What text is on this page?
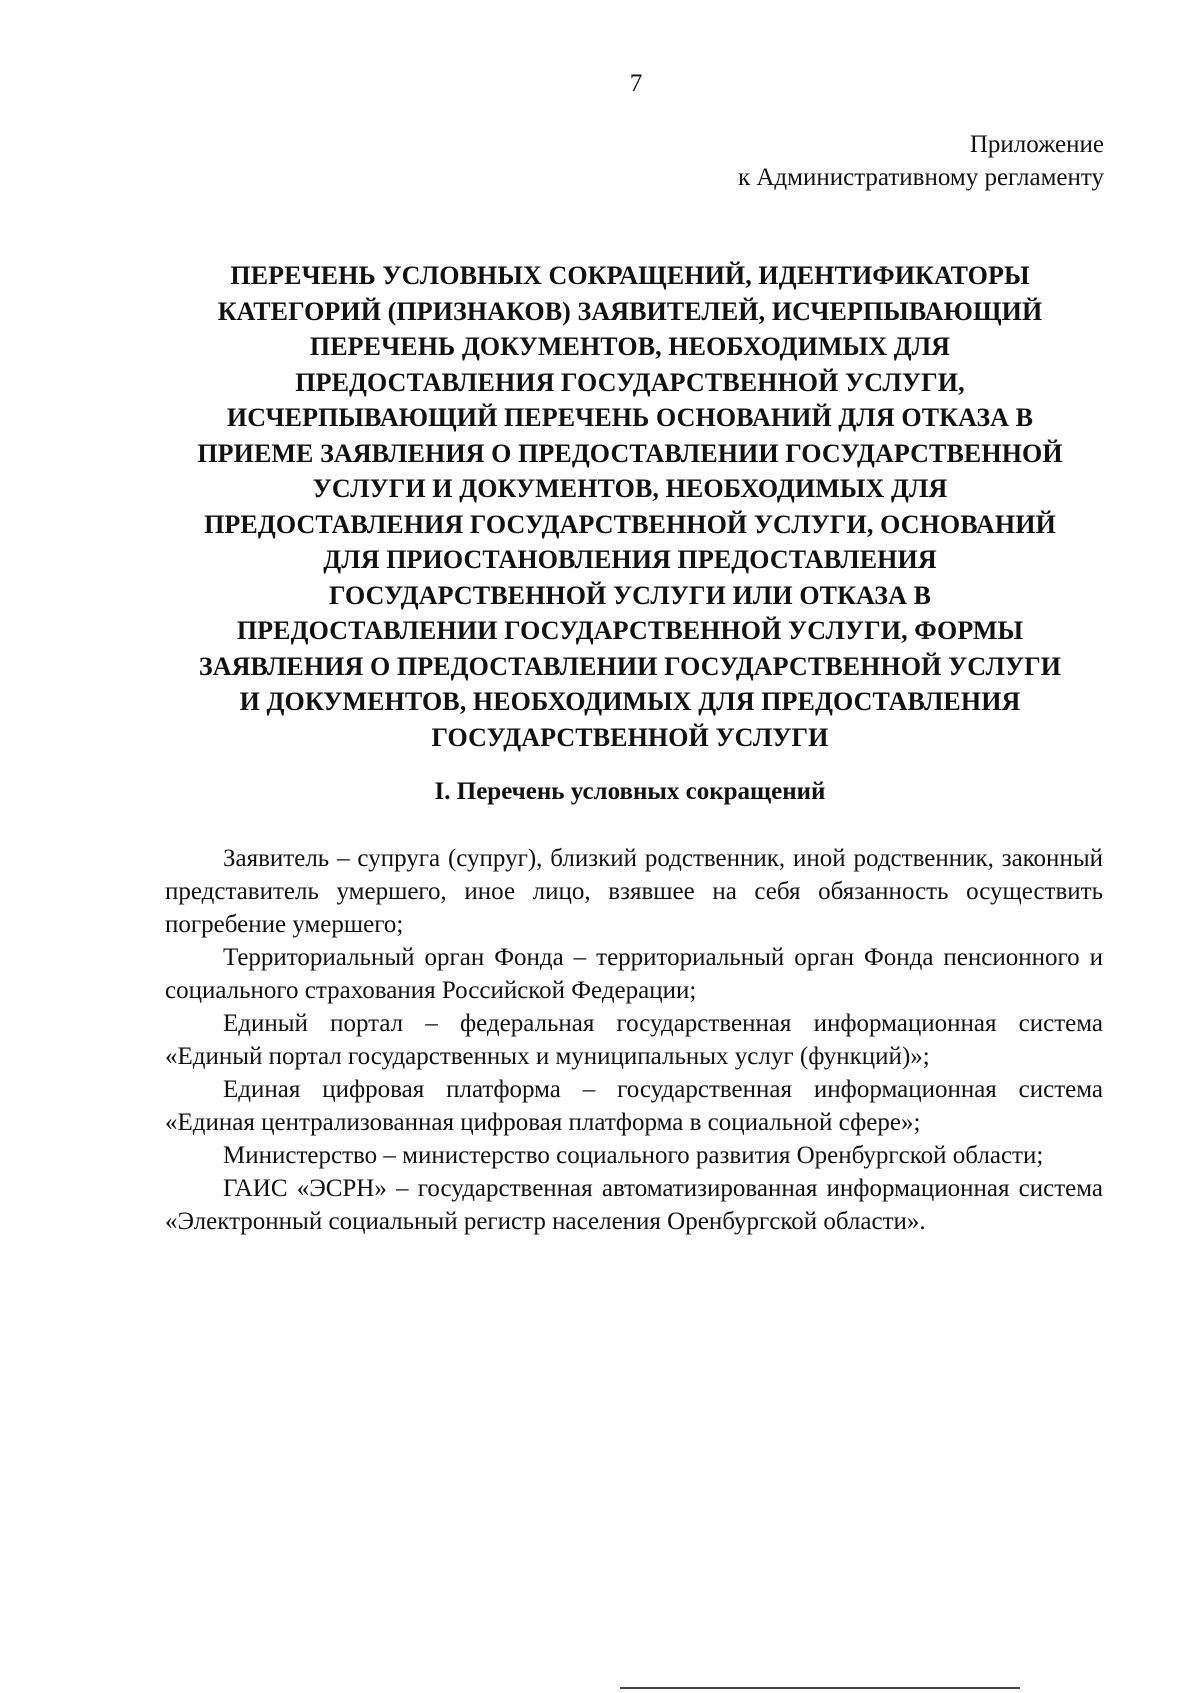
7
Приложение
к Административному регламенту
ПЕРЕЧЕНЬ УСЛОВНЫХ СОКРАЩЕНИЙ, ИДЕНТИФИКАТОРЫ
КАТЕГОРИЙ (ПРИЗНАКОВ) ЗАЯВИТЕЛЕЙ, ИСЧЕРПЫВАЮЩИЙ
ПЕРЕЧЕНЬ ДОКУМЕНТОВ, НЕОБХОДИМЫХ ДЛЯ
ПРЕДОСТАВЛЕНИЯ ГОСУДАРСТВЕННОЙ УСЛУГИ,
ИСЧЕРПЫВАЮЩИЙ ПЕРЕЧЕНЬ ОСНОВАНИЙ ДЛЯ ОТКАЗА В
ПРИЕМЕ ЗАЯВЛЕНИЯ О ПРЕДОСТАВЛЕНИИ ГОСУДАРСТВЕННОЙ
УСЛУГИ И ДОКУМЕНТОВ, НЕОБХОДИМЫХ ДЛЯ
ПРЕДОСТАВЛЕНИЯ ГОСУДАРСТВЕННОЙ УСЛУГИ, ОСНОВАНИЙ
ДЛЯ ПРИОСТАНОВЛЕНИЯ ПРЕДОСТАВЛЕНИЯ
ГОСУДАРСТВЕННОЙ УСЛУГИ ИЛИ ОТКАЗА В
ПРЕДОСТАВЛЕНИИ ГОСУДАРСТВЕННОЙ УСЛУГИ, ФОРМЫ
ЗАЯВЛЕНИЯ О ПРЕДОСТАВЛЕНИИ ГОСУДАРСТВЕННОЙ УСЛУГИ
И ДОКУМЕНТОВ, НЕОБХОДИМЫХ ДЛЯ ПРЕДОСТАВЛЕНИЯ
ГОСУДАРСТВЕННОЙ УСЛУГИ
I. Перечень условных сокращений

Заявитель – супруга (супруг), близкий родственник, иной родственник, законный представитель умершего, иное лицо, взявшее на себя обязанность осуществить погребение умершего;

Территориальный орган Фонда – территориальный орган Фонда пенсионного и социального страхования Российской Федерации;

Единый портал – федеральная государственная информационная система «Единый портал государственных и муниципальных услуг (функций)»;

Единая цифровая платформа – государственная информационная система «Единая централизованная цифровая платформа в социальной сфере»;

Министерство – министерство социального развития Оренбургской области;

ГАИС «ЭСРН» – государственная автоматизированная информационная система «Электронный социальный регистр населения Оренбургской области».
